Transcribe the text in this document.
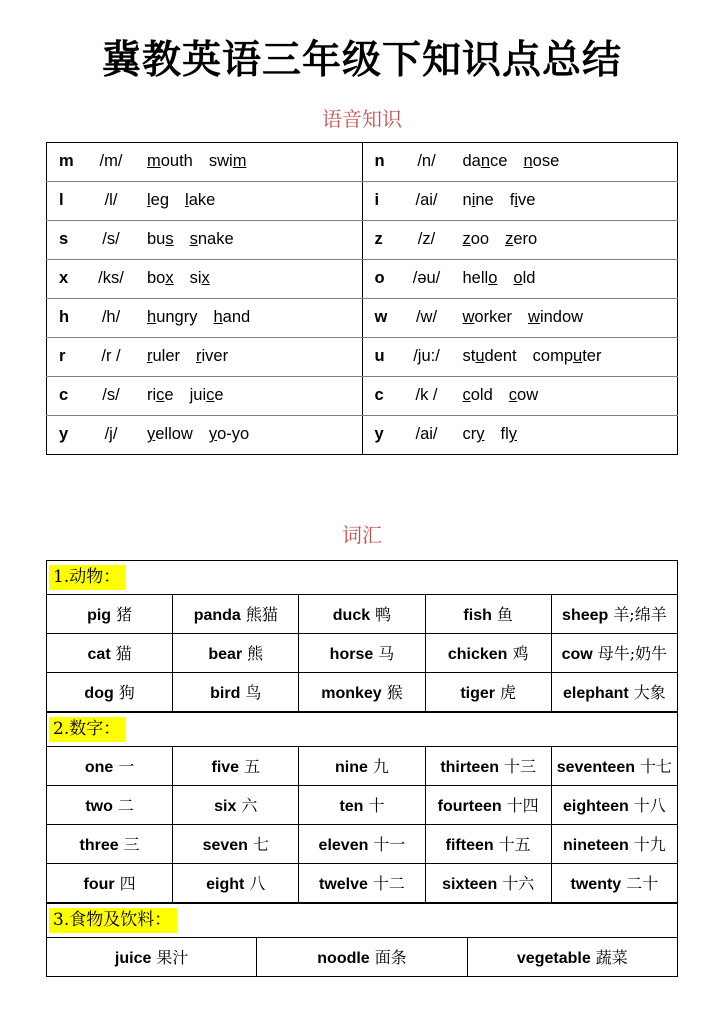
冀教英语三年级下知识点总结
语音知识
m /m/ mouth swim	n /n/ dance nose

l /l/ leg lake	i /ai/ nine five

s /s/ bus snake	z /z/ zoo zero

x /ks/ box six	o /əu/ hello old

h /h/ hungry hand	w /w/ worker window

r /r / ruler river	u /ju:/ student computer

c /s/ rice juice	c /k / cold cow

y /j/ yellow yo-yo	y /ai/ cry fly
词汇
1.动物：				
pig 猪	panda 熊猫	duck 鸭	fish 鱼	sheep 羊;绵羊
cat 猫	bear 熊	horse 马	chicken 鸡	cow 母牛;奶牛
dog 狗	bird 鸟	monkey 猴	tiger 虎	elephant 大象
2.数字：				
one 一	five 五	nine 九	thirteen 十三	seventeen 十七
two 二	six 六	ten 十	fourteen 十四	eighteen 十八
three 三	seven 七	eleven 十一	fifteen 十五	nineteen 十九
four 四	eight 八	twelve 十二	sixteen 十六	twenty 二十
3.食物及饮料：
juice 果汁	noodle 面条	vegetable 蔬菜
